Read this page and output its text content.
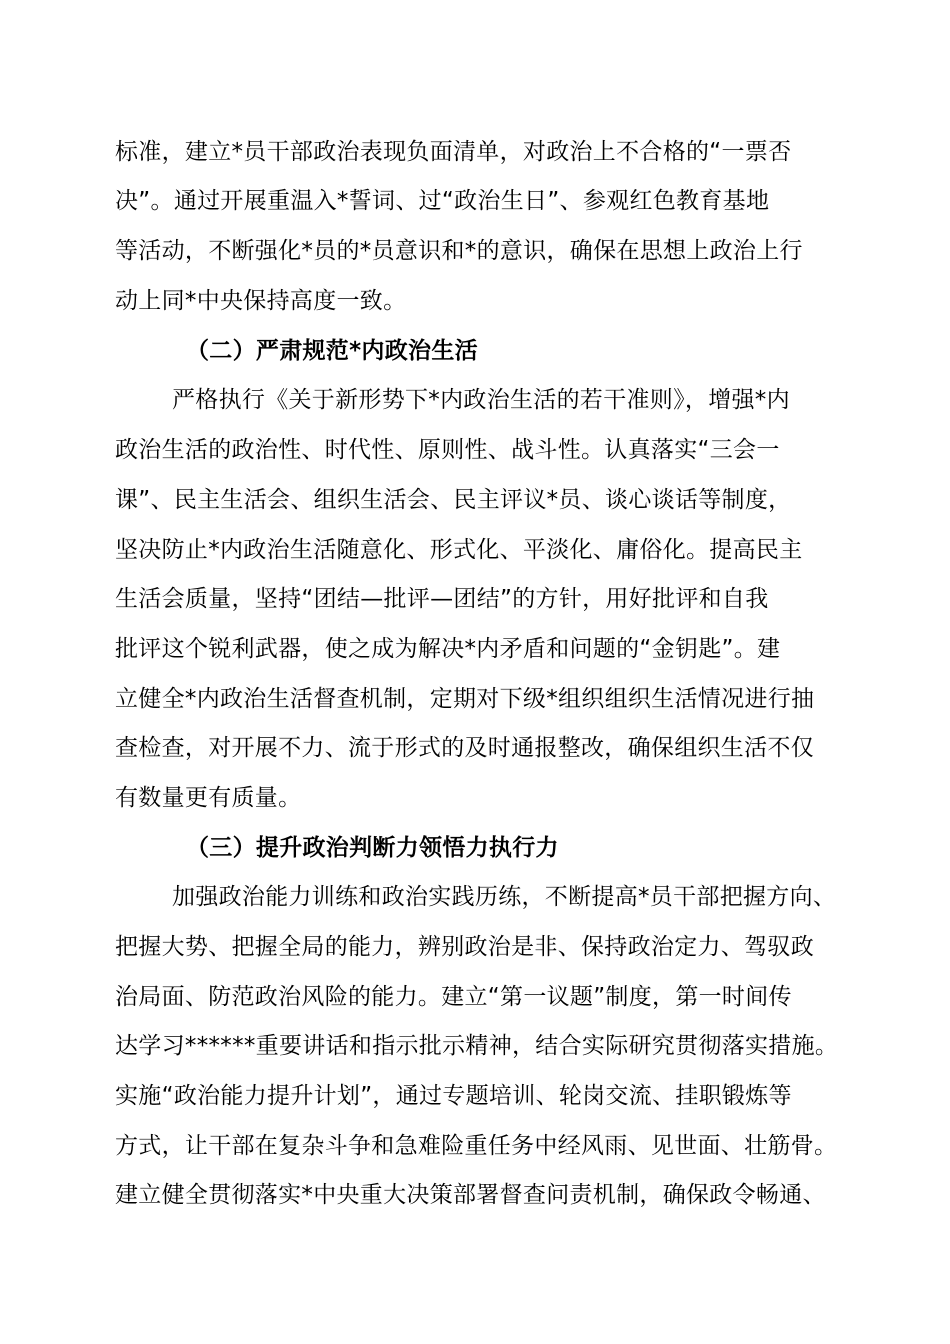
标准，建立*员干部政治表现负面清单，对政治上不合格的“一票否
决”。通过开展重温入*誓词、过“政治生日”、参观红色教育基地
等活动，不断强化*员的*员意识和*的意识，确保在思想上政治上行
动上同*中央保持高度一致。
（二）严肃规范*内政治生活
严格执行《关于新形势下*内政治生活的若干准则》，增强*内
政治生活的政治性、时代性、原则性、战斗性。认真落实“三会一
课”、民主生活会、组织生活会、民主评议*员、谈心谈话等制度，
坚决防止*内政治生活随意化、形式化、平淡化、庸俗化。提高民主
生活会质量，坚持“团结—批评—团结”的方针，用好批评和自我
批评这个锐利武器，使之成为解决*内矛盾和问题的“金钥匙”。建
立健全*内政治生活督查机制，定期对下级*组织组织生活情况进行抽
查检查，对开展不力、流于形式的及时通报整改，确保组织生活不仅
有数量更有质量。
（三）提升政治判断力领悟力执行力
加强政治能力训练和政治实践历练，不断提高*员干部把握方向、
把握大势、把握全局的能力，辨别政治是非、保持政治定力、驾驭政
治局面、防范政治风险的能力。建立“第一议题”制度，第一时间传
达学习******重要讲话和指示批示精神，结合实际研究贯彻落实措施。
实施“政治能力提升计划”，通过专题培训、轮岗交流、挂职锻炼等
方式，让干部在复杂斗争和急难险重任务中经风雨、见世面、壮筋骨。
建立健全贯彻落实*中央重大决策部署督查问责机制，确保政令畅通、
